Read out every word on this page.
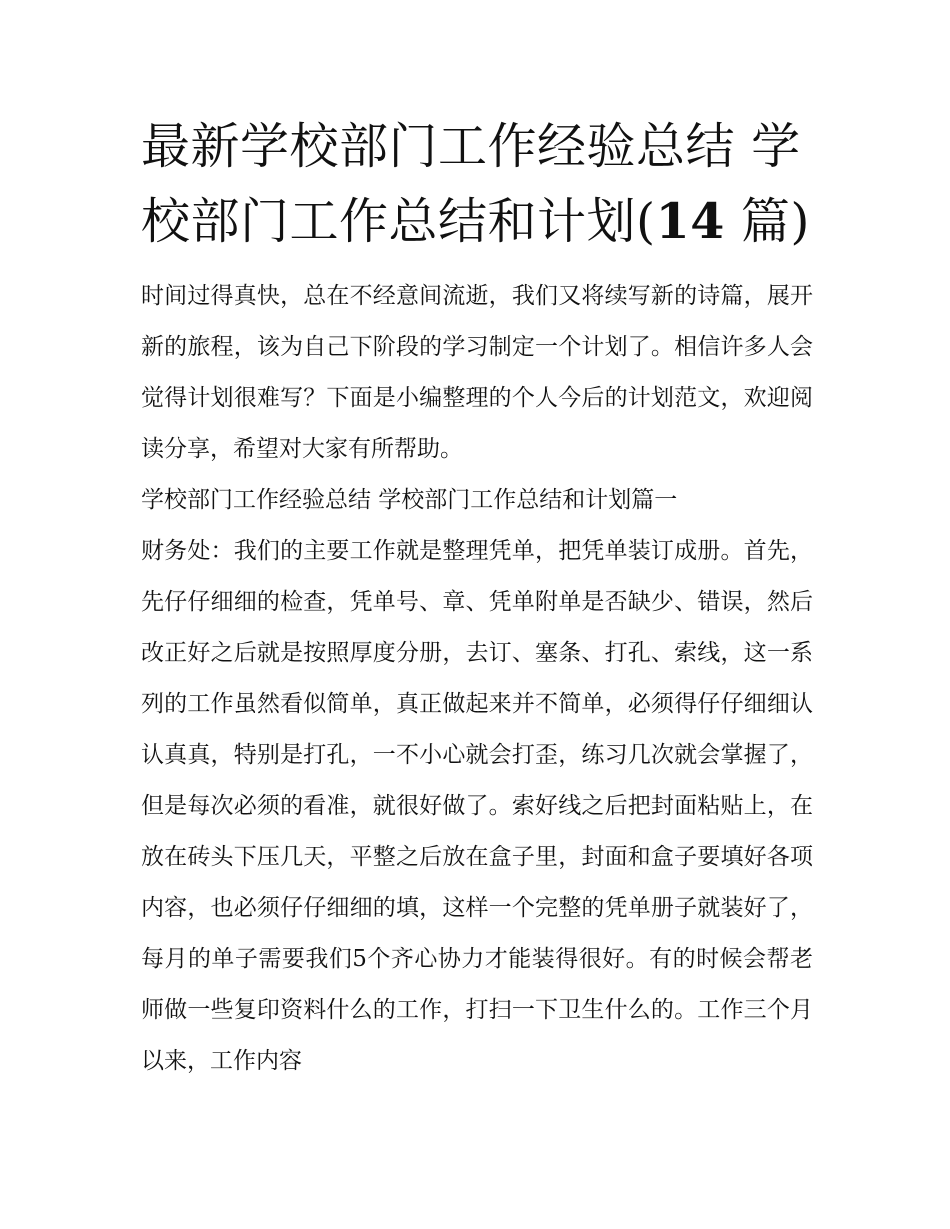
最新学校部门工作经验总结 学校部门工作总结和计划(14 篇)

时间过得真快，总在不经意间流逝，我们又将续写新的诗篇，展开新的旅程，该为自己下阶段的学习制定一个计划了。相信许多人会觉得计划很难写？下面是小编整理的个人今后的计划范文，欢迎阅读分享，希望对大家有所帮助。

学校部门工作经验总结 学校部门工作总结和计划篇一

财务处：我们的主要工作就是整理凭单，把凭单装订成册。首先，先仔仔细细的检查，凭单号、章、凭单附单是否缺少、错误，然后改正好之后就是按照厚度分册，去订、塞条、打孔、索线，这一系列的工作虽然看似简单，真正做起来并不简单，必须得仔仔细细认认真真，特别是打孔，一不小心就会打歪，练习几次就会掌握了，但是每次必须的看准，就很好做了。索好线之后把封面粘贴上，在放在砖头下压几天，平整之后放在盒子里，封面和盒子要填好各项内容，也必须仔仔细细的填，这样一个完整的凭单册子就装好了，每月的单子需要我们5个齐心协力才能装得很好。有的时候会帮老师做一些复印资料什么的工作，打扫一下卫生什么的。工作三个月以来，工作内容
